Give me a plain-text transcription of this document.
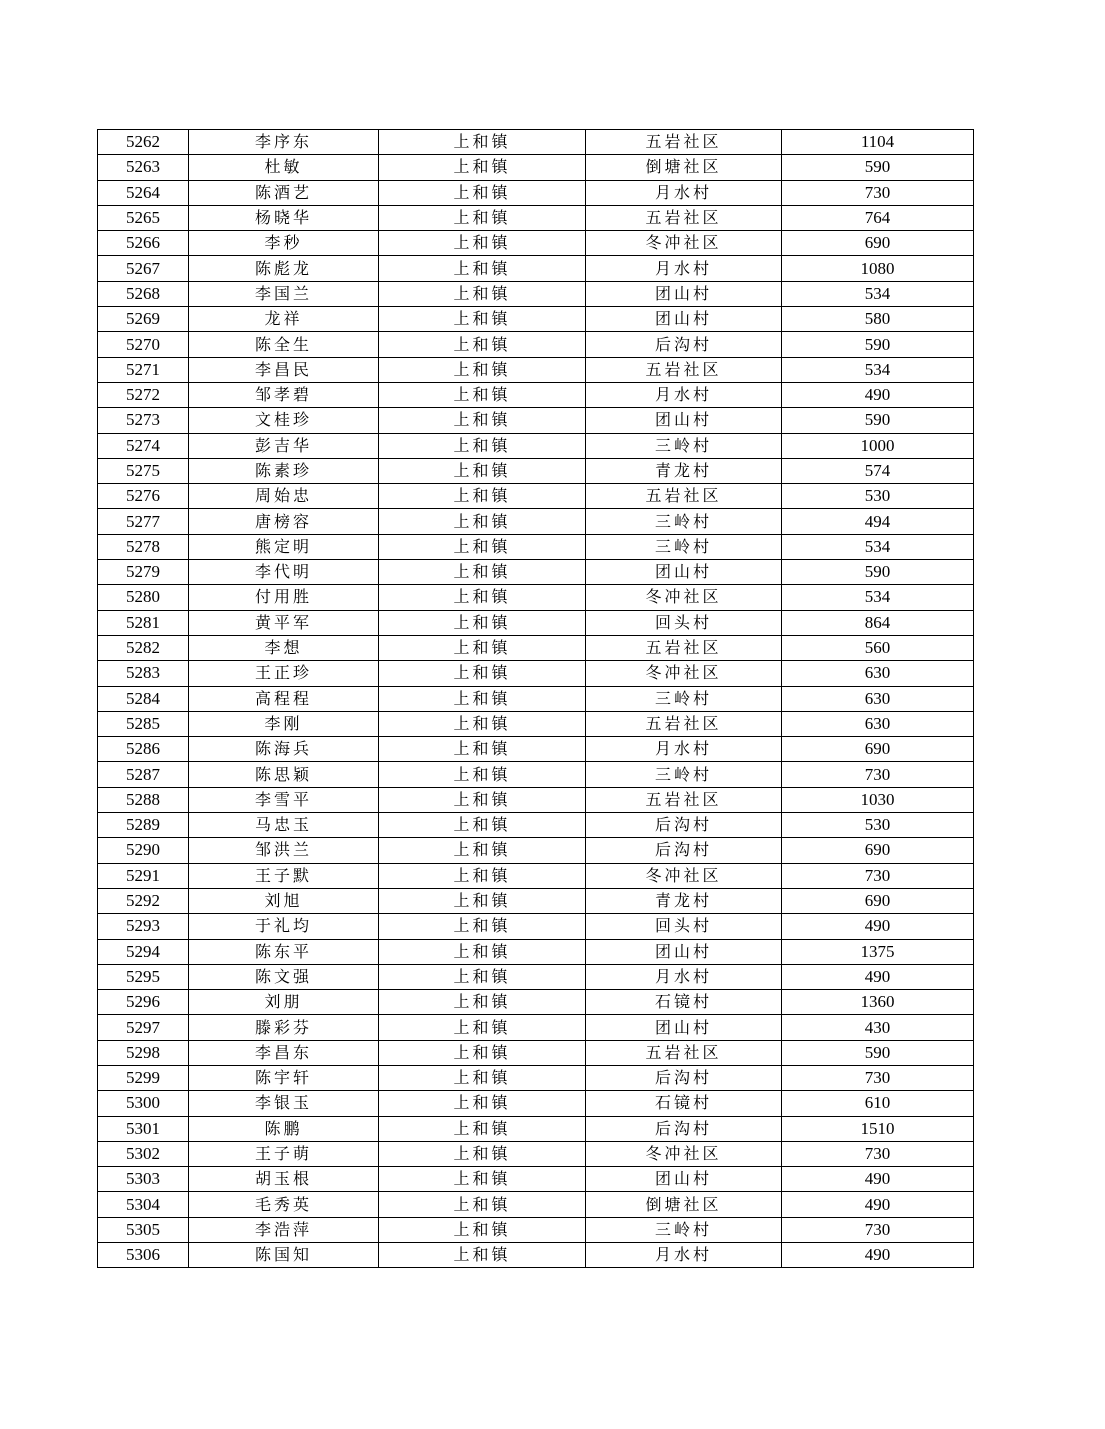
5262	李序东	上和镇	五岩社区	1104
5263	杜敏	上和镇	倒塘社区	590
5264	陈酒艺	上和镇	月水村	730
5265	杨晓华	上和镇	五岩社区	764
5266	李秒	上和镇	冬冲社区	690
5267	陈彪龙	上和镇	月水村	1080
5268	李国兰	上和镇	团山村	534
5269	龙祥	上和镇	团山村	580
5270	陈全生	上和镇	后沟村	590
5271	李昌民	上和镇	五岩社区	534
5272	邹孝碧	上和镇	月水村	490
5273	文桂珍	上和镇	团山村	590
5274	彭吉华	上和镇	三岭村	1000
5275	陈素珍	上和镇	青龙村	574
5276	周始忠	上和镇	五岩社区	530
5277	唐榜容	上和镇	三岭村	494
5278	熊定明	上和镇	三岭村	534
5279	李代明	上和镇	团山村	590
5280	付用胜	上和镇	冬冲社区	534
5281	黄平军	上和镇	回头村	864
5282	李想	上和镇	五岩社区	560
5283	王正珍	上和镇	冬冲社区	630
5284	高程程	上和镇	三岭村	630
5285	李刚	上和镇	五岩社区	630
5286	陈海兵	上和镇	月水村	690
5287	陈思颖	上和镇	三岭村	730
5288	李雪平	上和镇	五岩社区	1030
5289	马忠玉	上和镇	后沟村	530
5290	邹洪兰	上和镇	后沟村	690
5291	王子默	上和镇	冬冲社区	730
5292	刘旭	上和镇	青龙村	690
5293	于礼均	上和镇	回头村	490
5294	陈东平	上和镇	团山村	1375
5295	陈文强	上和镇	月水村	490
5296	刘朋	上和镇	石镜村	1360
5297	滕彩芬	上和镇	团山村	430
5298	李昌东	上和镇	五岩社区	590
5299	陈宇轩	上和镇	后沟村	730
5300	李银玉	上和镇	石镜村	610
5301	陈鹏	上和镇	后沟村	1510
5302	王子萌	上和镇	冬冲社区	730
5303	胡玉根	上和镇	团山村	490
5304	毛秀英	上和镇	倒塘社区	490
5305	李浩萍	上和镇	三岭村	730
5306	陈国知	上和镇	月水村	490
